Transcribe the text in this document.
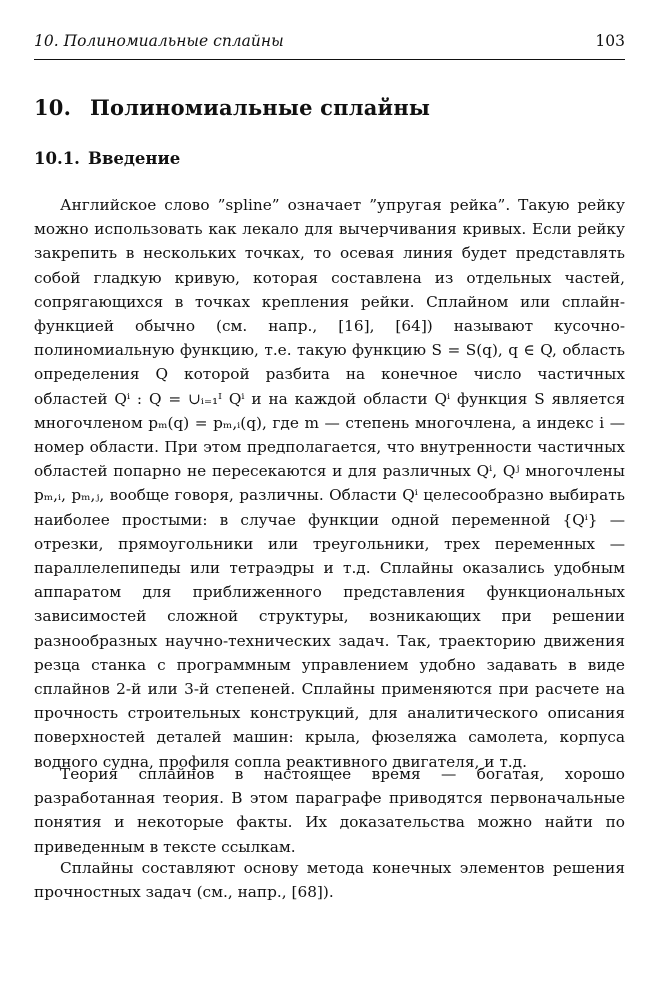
10. Полиномиальные сплайны	103
10. Полиномиальные сплайны
10.1. Введение

Английское слово ”spline” означает ”упругая рейка”. Такую рейку можно использовать как лекало для вычерчивания кривых. Если рейку закрепить в нескольких точках, то осевая линия будет представлять собой гладкую кривую, которая составлена из отдельных частей, сопрягающихся в точках крепления рейки. Сплайном или сплайн-функцией обычно (см. напр., [16], [64]) называют кусочно-полиномиальную функцию, т.е. такую функцию S = S(q), q ∈ Q, область определения Q которой разбита на конечное число частичных областей Qⁱ : Q = ∪ᵢ₌₁ᴵ Qⁱ и на каждой области Qⁱ функция S является многочленом pₘ(q) = pₘ,ᵢ(q), где m — степень многочлена, а индекс i — номер области. При этом предполагается, что внутренности частичных областей попарно не пересекаются и для различных Qⁱ, Qʲ многочлены pₘ,ᵢ, pₘ,ⱼ, вообще говоря, различны. Области Qⁱ целесообразно выбирать наиболее простыми: в случае функции одной переменной {Qⁱ} — отрезки, прямоугольники или треугольники, трех переменных — параллелепипеды или тетраэдры и т.д. Сплайны оказались удобным аппаратом для приближенного представления функциональных зависимостей сложной структуры, возникающих при решении разнообразных научно-технических задач. Так, траекторию движения резца станка с программным управлением удобно задавать в виде сплайнов 2-й или 3-й степеней. Сплайны применяются при расчете на прочность строительных конструкций, для аналитического описания поверхностей деталей машин: крыла, фюзеляжа самолета, корпуса водного судна, профиля сопла реактивного двигателя, и т.д.

Теория сплайнов в настоящее время — богатая, хорошо разработанная теория. В этом параграфе приводятся первоначальные понятия и некоторые факты. Их доказательства можно найти по приведенным в тексте ссылкам.

Сплайны составляют основу метода конечных элементов решения прочностных задач (см., напр., [68]).
